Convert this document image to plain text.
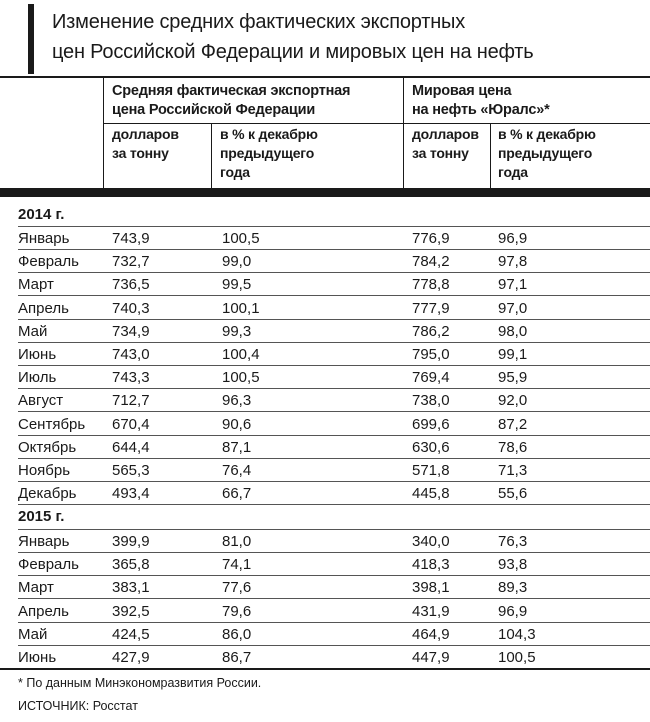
Изменение средних фактических экспортных
цен Российской Федерации и мировых цен на нефть
Средняя фактическая экспортная
цена Российской Федерации
Мировая цена
на нефть «Юралс»*
долларов
за тонну
в % к декабрю
предыдущего
года
долларов
за тонну
в % к декабрю
предыдущего
года
2014 г.
Январь	743,9	100,5	776,9	96,9
Февраль 732,7	99,0	784,2	97,8
Март	736,5	99,5	778,8	97,1
Апрель	740,3	100,1	777,9	97,0
Май	734,9	99,3	786,2	98,0
Июнь	743,0	100,4	795,0	99,1
Июль	743,3	100,5	769,4	95,9
Август	712,7	96,3	738,0	92,0
Сентябрь 670,4	90,6	699,6	87,2
Октябрь 644,4	87,1	630,6	78,6
Ноябрь	565,3	76,4	571,8	71,3
Декабрь 493,4	66,7	445,8	55,6
2015 г.
Январь	399,9	81,0	340,0	76,3
Февраль 365,8	74,1	418,3	93,8
Март	383,1	77,6	398,1	89,3
Апрель	392,5	79,6	431,9	96,9
Май	424,5	86,0	464,9	104,3
Июнь	427,9	86,7	447,9	100,5
* По данным Минэкономразвития России.
ИСТОЧНИК: Росстат
